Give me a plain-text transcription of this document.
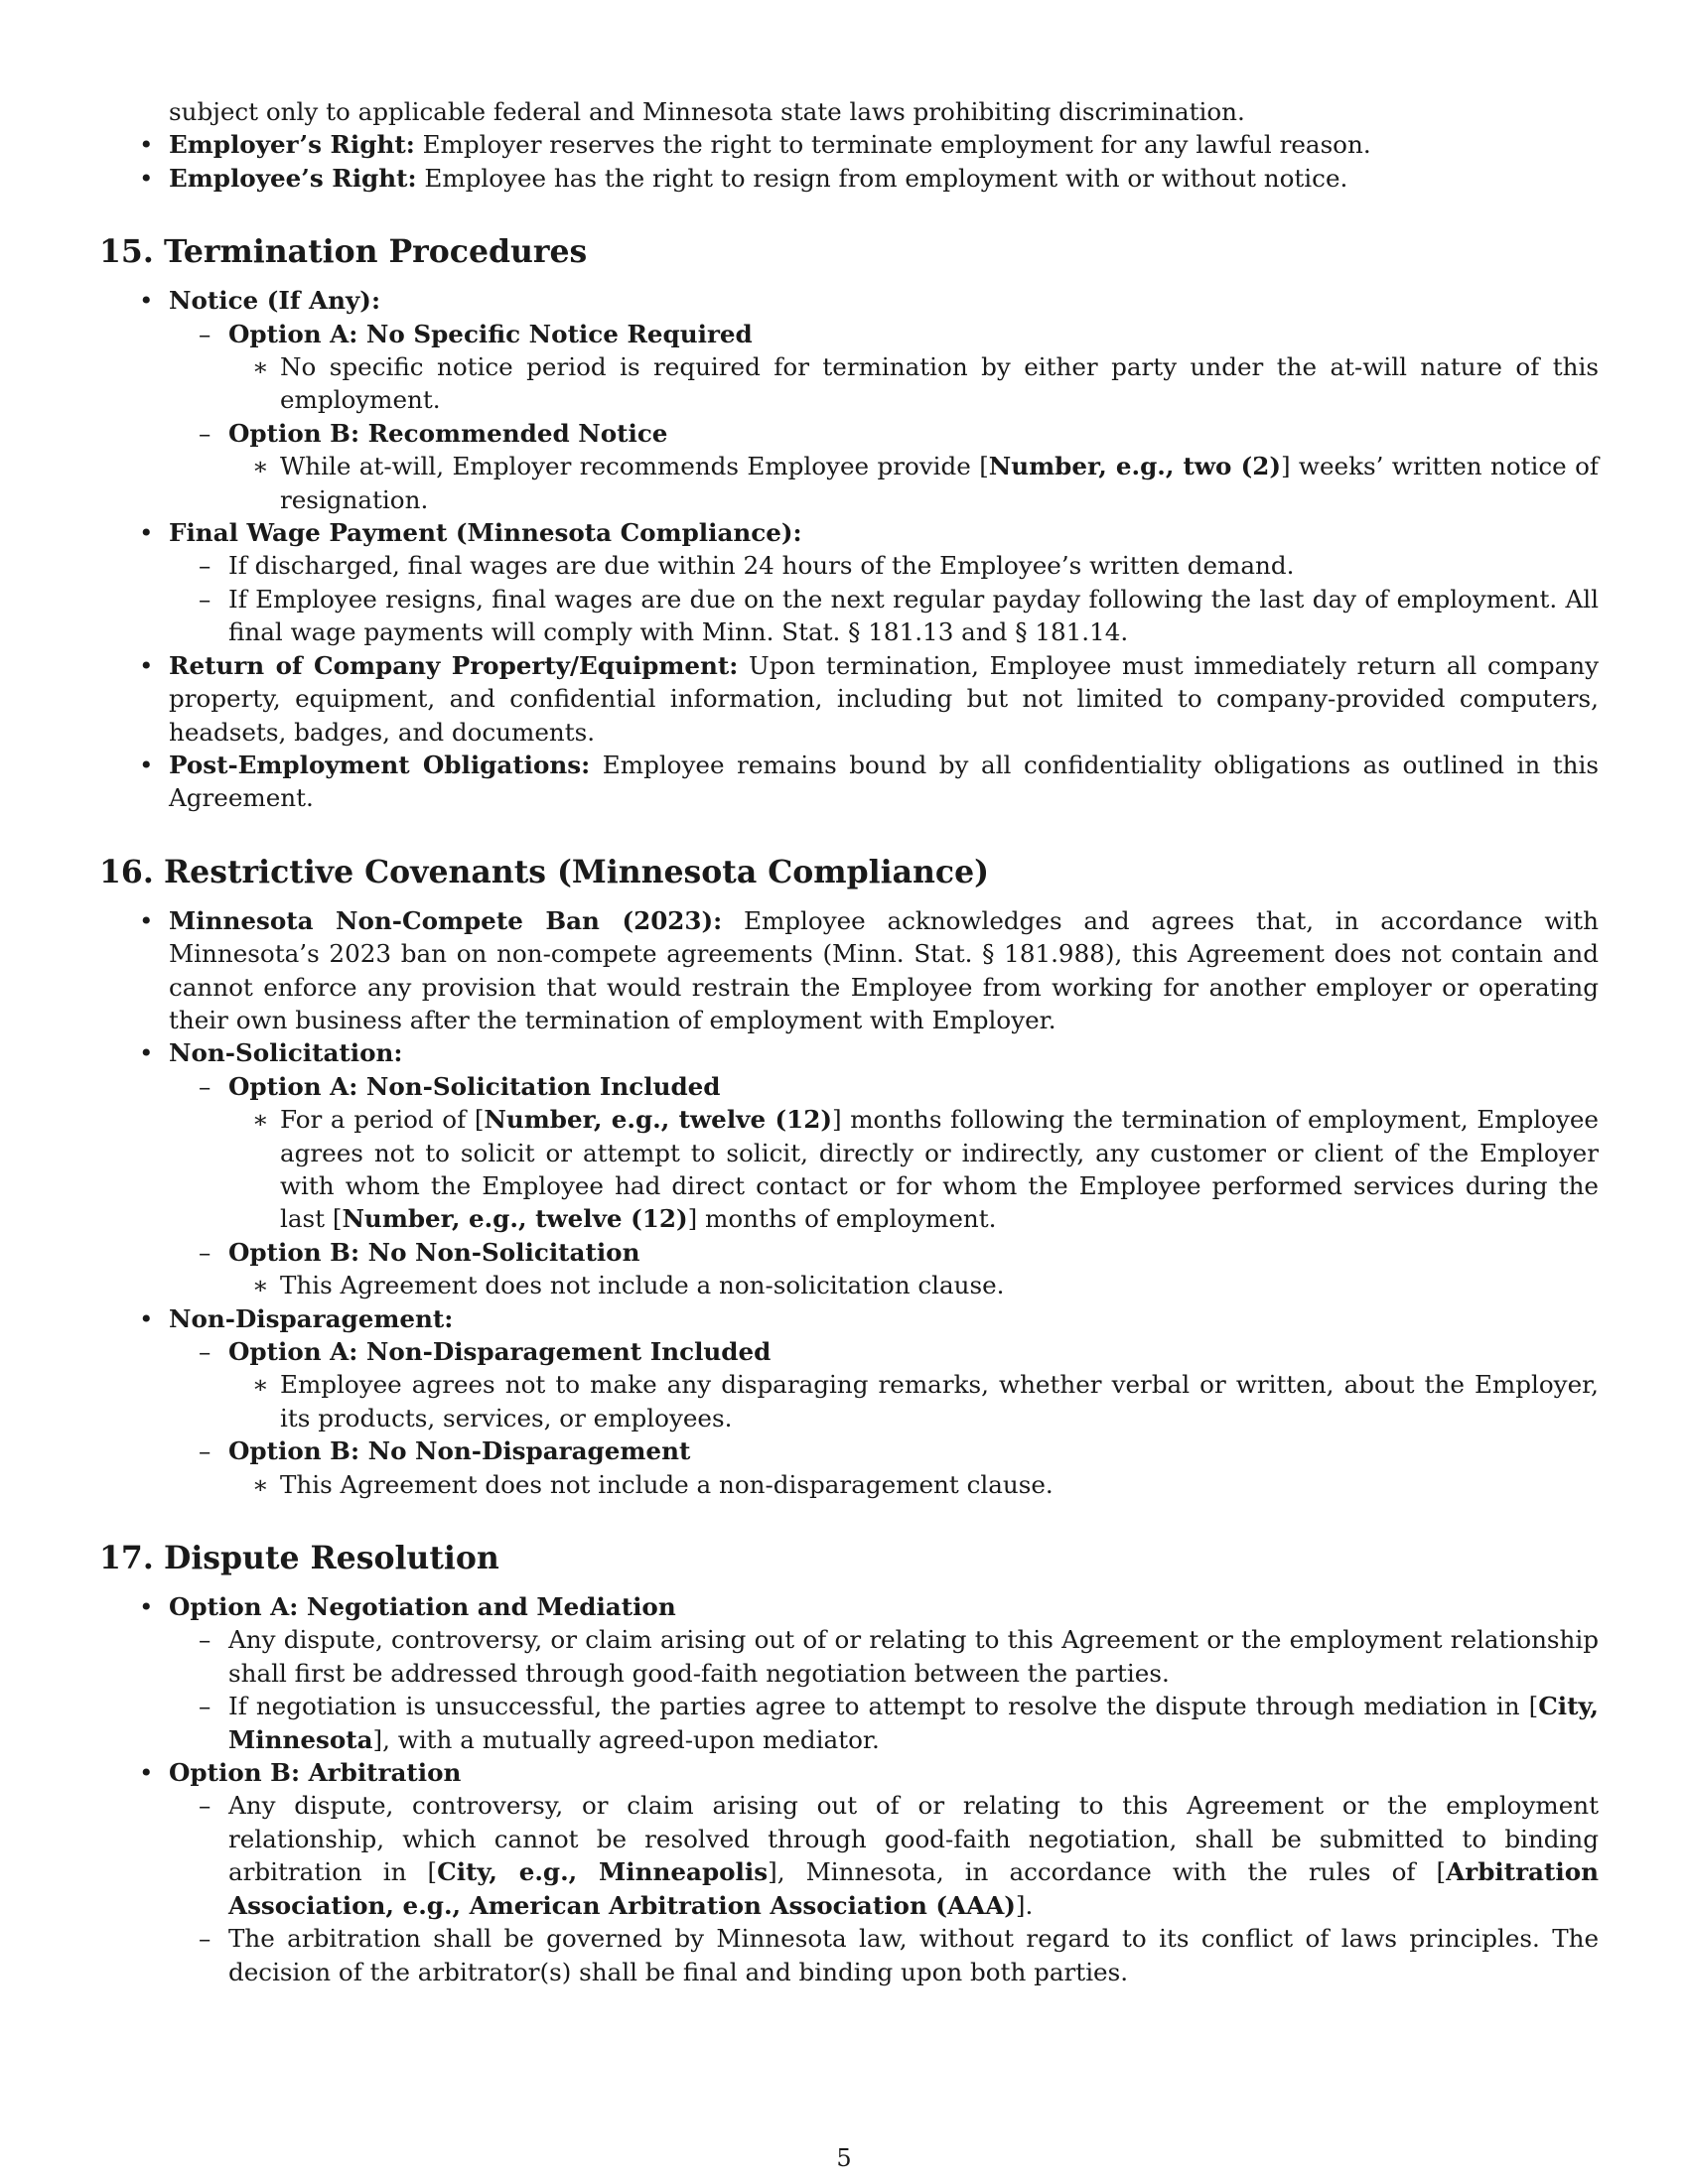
subject only to applicable federal and Minnesota state laws prohibiting discrimination.
• Employer’s Right: Employer reserves the right to terminate employment for any lawful reason.
• Employee’s Right: Employee has the right to resign from employment with or without notice.
15. Termination Procedures
• Notice (If Any):
– Option A: No Specific Notice Required
∗ No specific notice period is required for termination by either party under the at-will nature of this employment.
– Option B: Recommended Notice
∗ While at-will, Employer recommends Employee provide [Number, e.g., two (2)] weeks’ written notice of resignation.
• Final Wage Payment (Minnesota Compliance):
– If discharged, final wages are due within 24 hours of the Employee’s written demand.
– If Employee resigns, final wages are due on the next regular payday following the last day of employment. All final wage payments will comply with Minn. Stat. § 181.13 and § 181.14.
• Return of Company Property/Equipment: Upon termination, Employee must immediately return all company property, equipment, and confidential information, including but not limited to company-provided computers, headsets, badges, and documents.
• Post-Employment Obligations: Employee remains bound by all confidentiality obligations as outlined in this Agreement.
16. Restrictive Covenants (Minnesota Compliance)
• Minnesota Non-Compete Ban (2023): Employee acknowledges and agrees that, in accordance with Minnesota’s 2023 ban on non-compete agreements (Minn. Stat. § 181.988), this Agreement does not contain and cannot enforce any provision that would restrain the Employee from working for another employer or operating their own business after the termination of employment with Employer.
• Non-Solicitation:
– Option A: Non-Solicitation Included
∗ For a period of [Number, e.g., twelve (12)] months following the termination of employment, Employee agrees not to solicit or attempt to solicit, directly or indirectly, any customer or client of the Employer with whom the Employee had direct contact or for whom the Employee performed services during the last [Number, e.g., twelve (12)] months of employment.
– Option B: No Non-Solicitation
∗ This Agreement does not include a non-solicitation clause.
• Non-Disparagement:
– Option A: Non-Disparagement Included
∗ Employee agrees not to make any disparaging remarks, whether verbal or written, about the Employer, its products, services, or employees.
– Option B: No Non-Disparagement
∗ This Agreement does not include a non-disparagement clause.
17. Dispute Resolution
• Option A: Negotiation and Mediation
– Any dispute, controversy, or claim arising out of or relating to this Agreement or the employment relationship shall first be addressed through good-faith negotiation between the parties.
– If negotiation is unsuccessful, the parties agree to attempt to resolve the dispute through mediation in [City, Minnesota], with a mutually agreed-upon mediator.
• Option B: Arbitration
– Any dispute, controversy, or claim arising out of or relating to this Agreement or the employment relationship, which cannot be resolved through good-faith negotiation, shall be submitted to binding arbitration in [City, e.g., Minneapolis], Minnesota, in accordance with the rules of [Arbitration Association, e.g., American Arbitration Association (AAA)].
– The arbitration shall be governed by Minnesota law, without regard to its conflict of laws principles. The decision of the arbitrator(s) shall be final and binding upon both parties.
5
